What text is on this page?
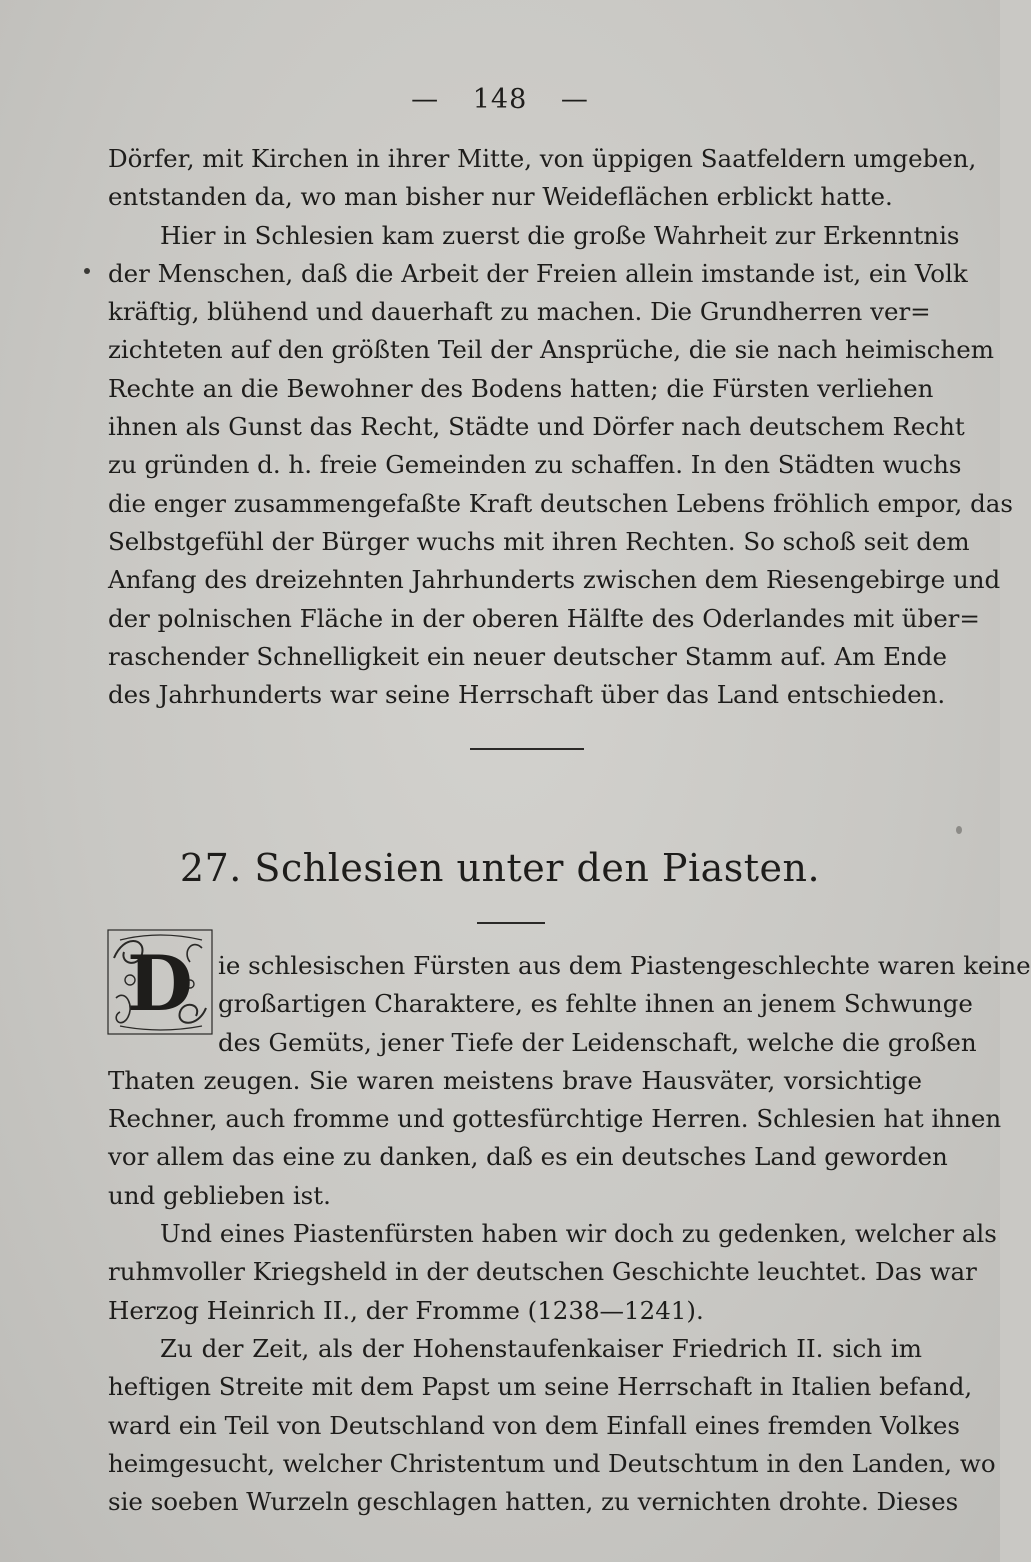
— 148 —
Dörfer, mit Kirchen in ihrer Mitte, von üppigen Saatfeldern umgeben,
entstanden da, wo man bisher nur Weideflächen erblickt hatte.
Hier in Schlesien kam zuerst die große Wahrheit zur Erkenntnis
der Menschen, daß die Arbeit der Freien allein imstande ist, ein Volk
kräftig, blühend und dauerhaft zu machen. Die Grundherren ver=
zichteten auf den größten Teil der Ansprüche, die sie nach heimischem
Rechte an die Bewohner des Bodens hatten; die Fürsten verliehen
ihnen als Gunst das Recht, Städte und Dörfer nach deutschem Recht
zu gründen d. h. freie Gemeinden zu schaffen. In den Städten wuchs
die enger zusammengefaßte Kraft deutschen Lebens fröhlich empor, das
Selbstgefühl der Bürger wuchs mit ihren Rechten. So schoß seit dem
Anfang des dreizehnten Jahrhunderts zwischen dem Riesengebirge und
der polnischen Fläche in der oberen Hälfte des Oderlandes mit über=
raschender Schnelligkeit ein neuer deutscher Stamm auf. Am Ende
des Jahrhunderts war seine Herrschaft über das Land entschieden.
27. Schlesien unter den Piasten.
D	ie schlesischen Fürsten aus dem Piastengeschlechte waren keine
großartigen Charaktere, es fehlte ihnen an jenem Schwunge
des Gemüts, jener Tiefe der Leidenschaft, welche die großen
Thaten zeugen. Sie waren meistens brave Hausväter, vorsichtige
Rechner, auch fromme und gottesfürchtige Herren. Schlesien hat ihnen
vor allem das eine zu danken, daß es ein deutsches Land geworden
und geblieben ist.
Und eines Piastenfürsten haben wir doch zu gedenken, welcher als
ruhmvoller Kriegsheld in der deutschen Geschichte leuchtet. Das war
Herzog Heinrich II., der Fromme (1238—1241).
Zu der Zeit, als der Hohenstaufenkaiser Friedrich II. sich im
heftigen Streite mit dem Papst um seine Herrschaft in Italien befand,
ward ein Teil von Deutschland von dem Einfall eines fremden Volkes
heimgesucht, welcher Christentum und Deutschtum in den Landen, wo
sie soeben Wurzeln geschlagen hatten, zu vernichten drohte. Dieses
